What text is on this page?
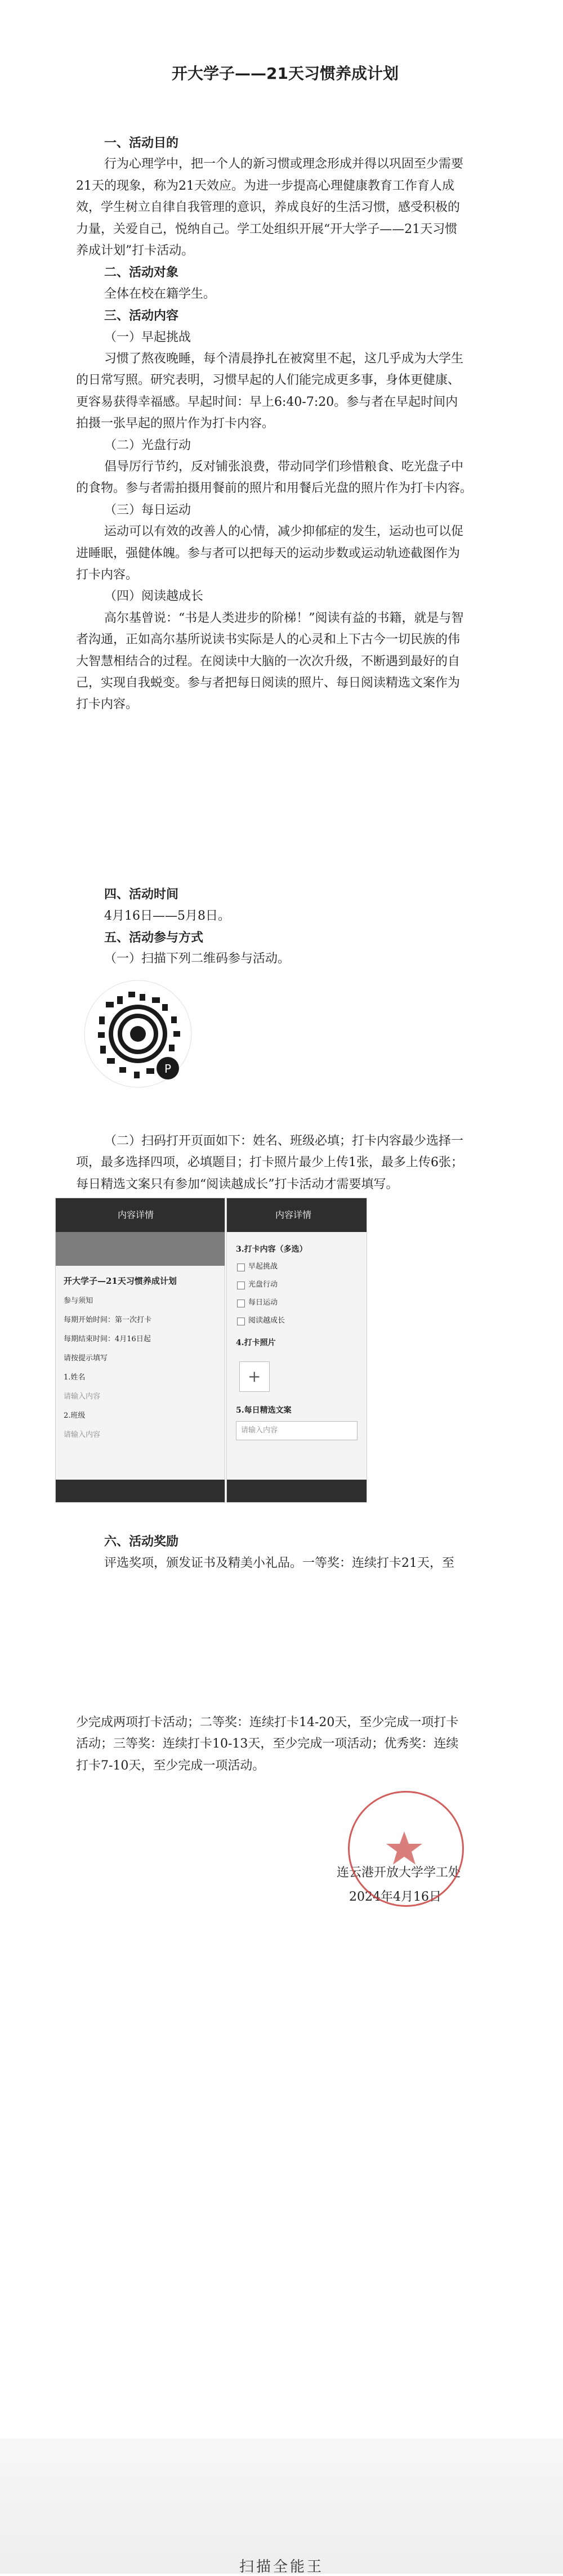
开大学子——21天习惯养成计划
一、活动目的
行为心理学中，把一个人的新习惯或理念形成并得以巩固至少需要
21天的现象，称为21天效应。为进一步提高心理健康教育工作育人成
效，学生树立自律自我管理的意识，养成良好的生活习惯，感受积极的
力量，关爱自己，悦纳自己。学工处组织开展“开大学子——21天习惯
养成计划”打卡活动。
二、活动对象
全体在校在籍学生。
三、活动内容
（一）早起挑战
习惯了熬夜晚睡，每个清晨挣扎在被窝里不起，这几乎成为大学生
的日常写照。研究表明，习惯早起的人们能完成更多事，身体更健康、
更容易获得幸福感。早起时间：早上6:40-7:20。参与者在早起时间内
拍摄一张早起的照片作为打卡内容。
（二）光盘行动
倡导厉行节约，反对铺张浪费，带动同学们珍惜粮食、吃光盘子中
的食物。参与者需拍摄用餐前的照片和用餐后光盘的照片作为打卡内容。
（三）每日运动
运动可以有效的改善人的心情，减少抑郁症的发生，运动也可以促
进睡眠，强健体魄。参与者可以把每天的运动步数或运动轨迹截图作为
打卡内容。
（四）阅读越成长
高尔基曾说：“书是人类进步的阶梯！”阅读有益的书籍，就是与智
者沟通，正如高尔基所说读书实际是人的心灵和上下古今一切民族的伟
大智慧相结合的过程。在阅读中大脑的一次次升级，不断遇到最好的自
己，实现自我蜕变。参与者把每日阅读的照片、每日阅读精选文案作为
打卡内容。
四、活动时间
4月16日——5月8日。
五、活动参与方式
（一）扫描下列二维码参与活动。
（二）扫码打开页面如下：姓名、班级必填；打卡内容最少选择一
项，最多选择四项，必填题目；打卡照片最少上传1张，最多上传6张；
每日精选文案只有参加“阅读越成长”打卡活动才需要填写。
六、活动奖励
评选奖项，颁发证书及精美小礼品。一等奖：连续打卡21天，至
P
内容详情
开大学子—21天习惯养成计划
参与须知
每期开始时间：第一次打卡
每期结束时间：4月16日起
请按提示填写
1.姓名
请输入内容
2.班级
请输入内容
内容详情
3.打卡内容（多选）
早起挑战
光盘行动
每日运动
阅读越成长
4.打卡照片
+
5.每日精选文案
请输入内容
少完成两项打卡活动；二等奖：连续打卡14-20天，至少完成一项打卡
活动；三等奖：连续打卡10-13天，至少完成一项活动；优秀奖：连续
打卡7-10天，至少完成一项活动。
连云港开放大学学工处
2024年4月16日
扫描全能王
